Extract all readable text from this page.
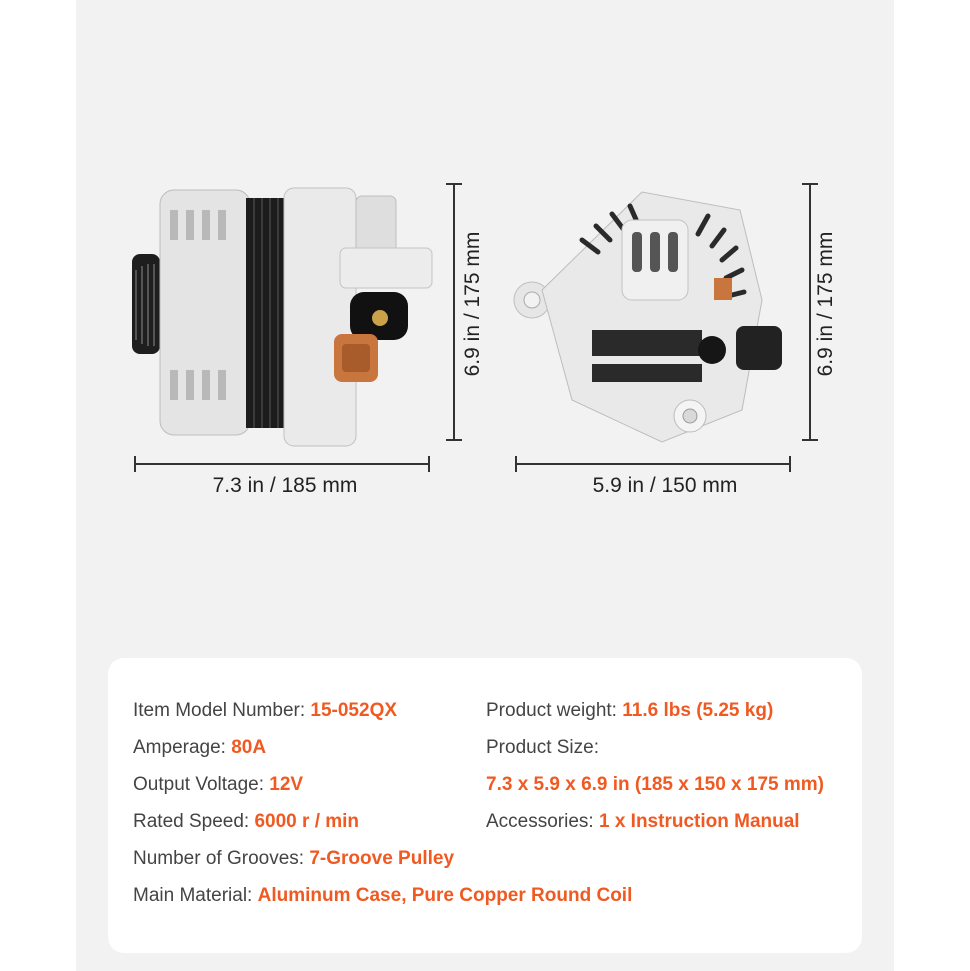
6.9 in / 175 mm
7.3 in / 185 mm
6.9 in / 175 mm
5.9 in / 150 mm
Item Model Number: 15-052QX
Amperage: 80A
Output Voltage: 12V
Rated Speed: 6000 r / min
Number of Grooves: 7-Groove Pulley
Main Material: Aluminum Case, Pure Copper Round Coil
Product weight: 11.6 lbs (5.25 kg)
Product Size:
7.3 x 5.9 x 6.9 in (185 x 150 x 175 mm)
Accessories: 1 x Instruction Manual
